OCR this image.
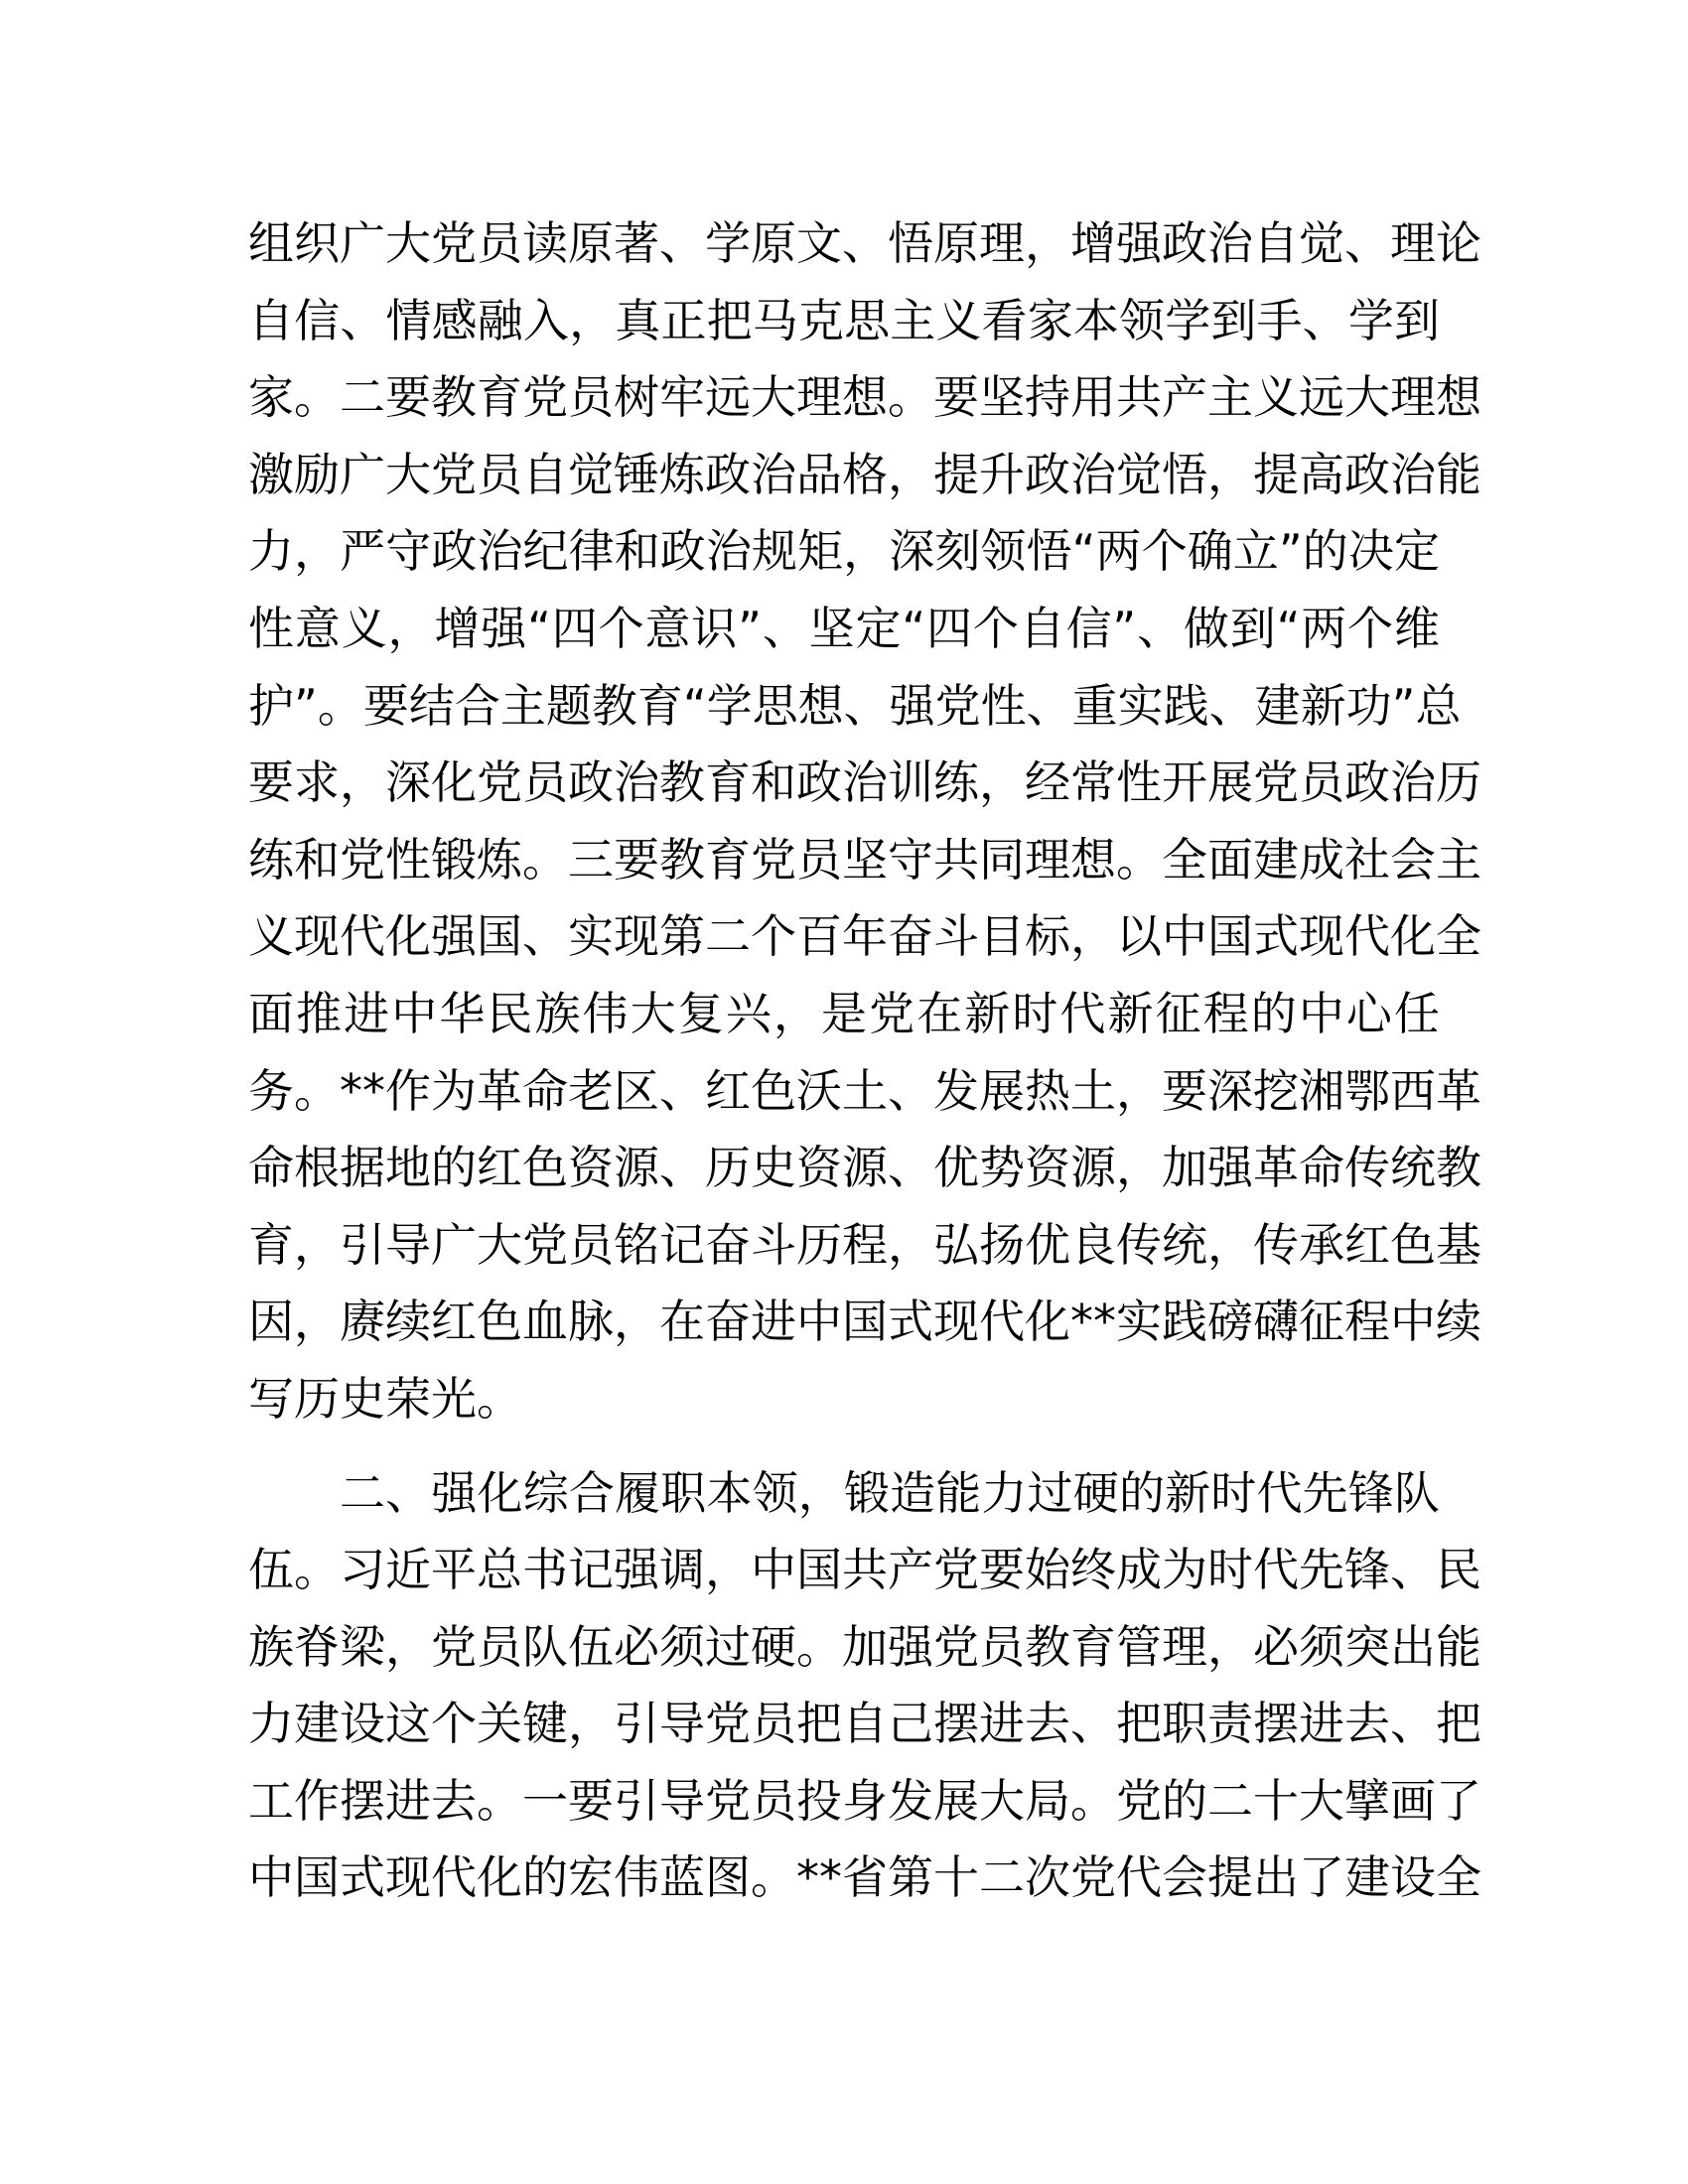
组织广大党员读原著、学原文、悟原理，增强政治自觉、理论
自信、情感融入，真正把马克思主义看家本领学到手、学到
家。二要教育党员树牢远大理想。要坚持用共产主义远大理想
激励广大党员自觉锤炼政治品格，提升政治觉悟，提高政治能
力，严守政治纪律和政治规矩，深刻领悟“两个确立”的决定
性意义，增强“四个意识”、坚定“四个自信”、做到“两个维
护”。要结合主题教育“学思想、强党性、重实践、建新功”总
要求，深化党员政治教育和政治训练，经常性开展党员政治历
练和党性锻炼。三要教育党员坚守共同理想。全面建成社会主
义现代化强国、实现第二个百年奋斗目标，以中国式现代化全
面推进中华民族伟大复兴，是党在新时代新征程的中心任
务。**作为革命老区、红色沃土、发展热土，要深挖湘鄂西革
命根据地的红色资源、历史资源、优势资源，加强革命传统教
育，引导广大党员铭记奋斗历程，弘扬优良传统，传承红色基
因，赓续红色血脉，在奋进中国式现代化**实践磅礴征程中续
写历史荣光。
二、强化综合履职本领，锻造能力过硬的新时代先锋队
伍。习近平总书记强调，中国共产党要始终成为时代先锋、民
族脊梁，党员队伍必须过硬。加强党员教育管理，必须突出能
力建设这个关键，引导党员把自己摆进去、把职责摆进去、把
工作摆进去。一要引导党员投身发展大局。党的二十大擘画了
中国式现代化的宏伟蓝图。**省第十二次党代会提出了建设全
